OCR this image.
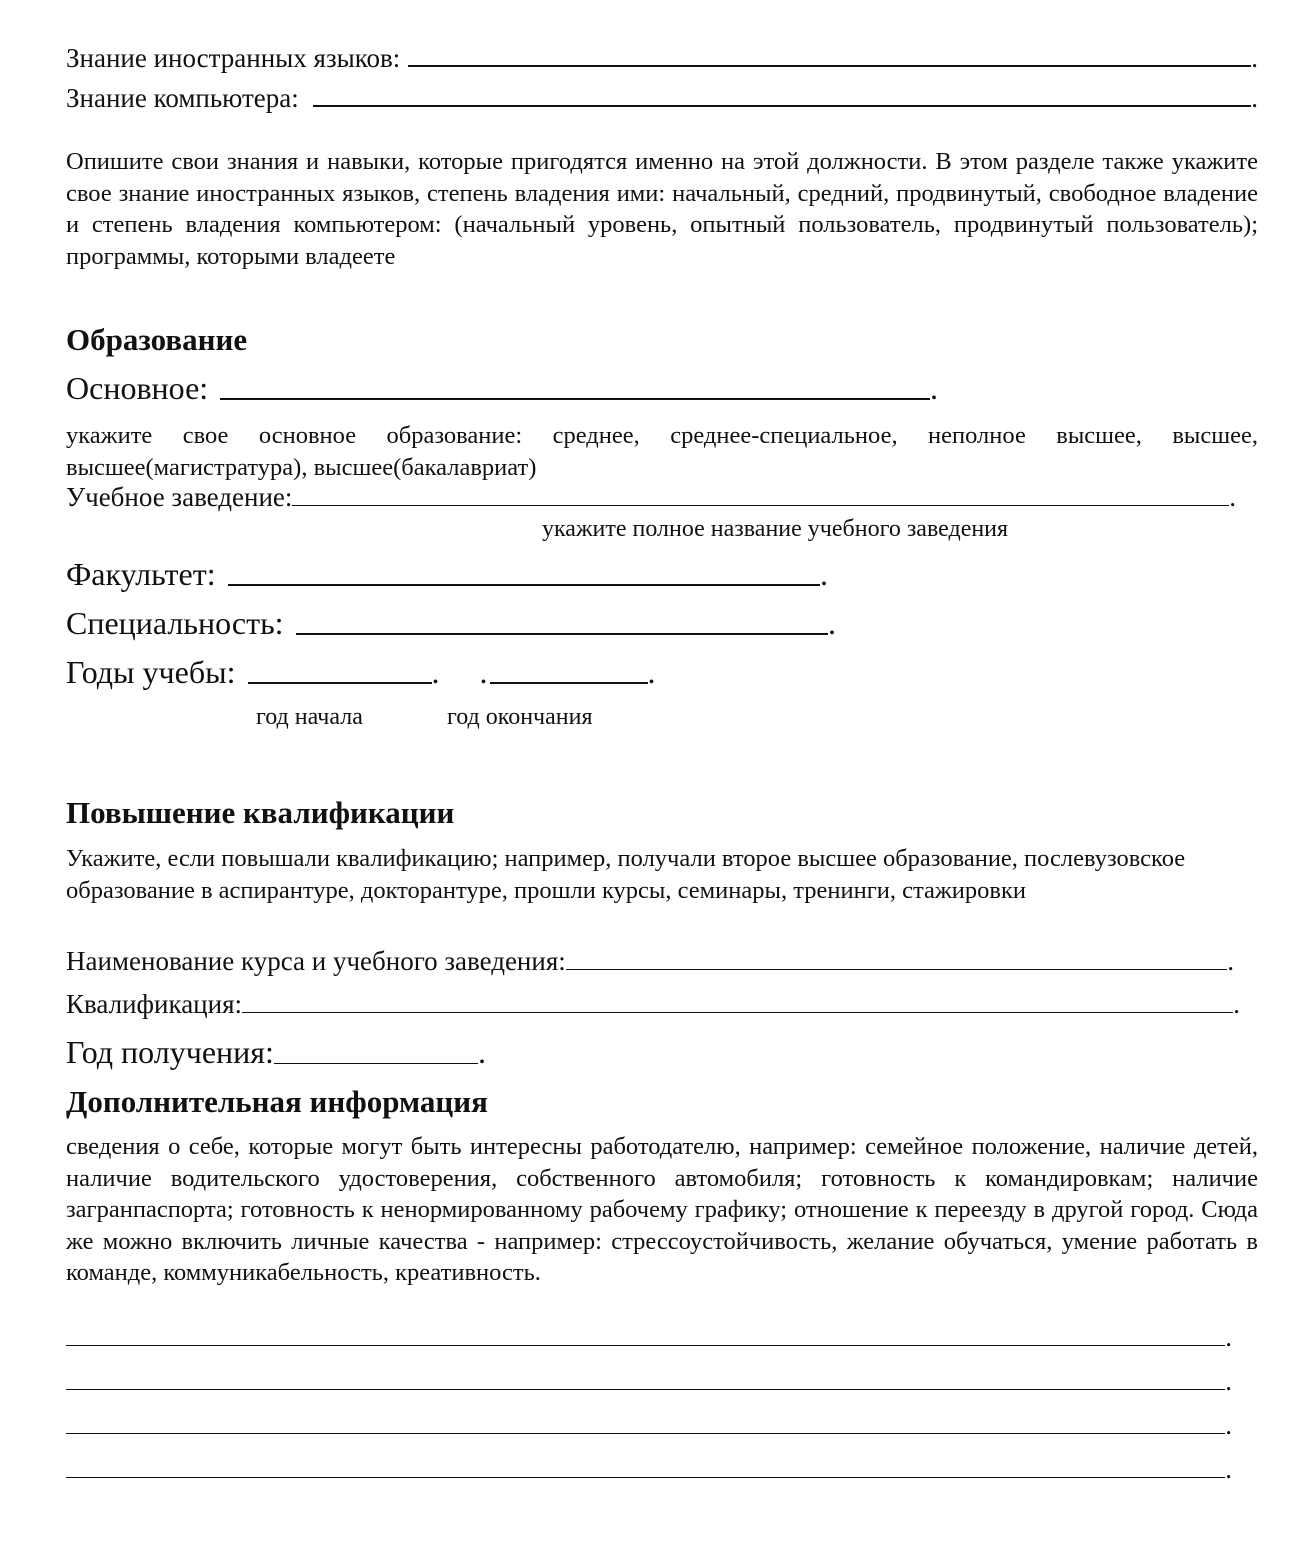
Знание иностранных языков:	.
Знание компьютера:	.
Опишите свои знания и навыки, которые пригодятся именно на этой должности. В этом разделе также укажите свое знание иностранных языков, степень владения ими: начальный, средний, продвинутый, свободное владение и степень владения компьютером: (начальный уровень, опытный пользователь, продвинутый пользователь); программы, которыми владеете
Образование
Основное:	.
укажите свое основное образование: среднее, среднее-специальное, неполное высшее, высшее, высшее(магистратура), высшее(бакалавриат)
Учебное заведение:	.
укажите полное название учебного заведения
Факультет:	.
Специальность:	.
Годы учебы:	. .	.
год начала	год окончания
Повышение квалификации
Укажите, если повышали квалификацию; например, получали второе высшее образование, послевузовское образование в аспирантуре, докторантуре, прошли курсы, семинары, тренинги, стажировки
Наименование курса и учебного заведения:	.
Квалификация:	.
Год получения:	.
Дополнительная информация
сведения о себе, которые могут быть интересны работодателю, например: семейное положение, наличие детей, наличие водительского удостоверения, собственного автомобиля; готовность к командировкам; наличие загранпаспорта; готовность к ненормированному рабочему графику; отношение к переезду в другой город. Сюда же можно включить личные качества - например: стрессоустойчивость, желание обучаться, умение работать в команде, коммуникабельность, креативность.
.
.
.
.
